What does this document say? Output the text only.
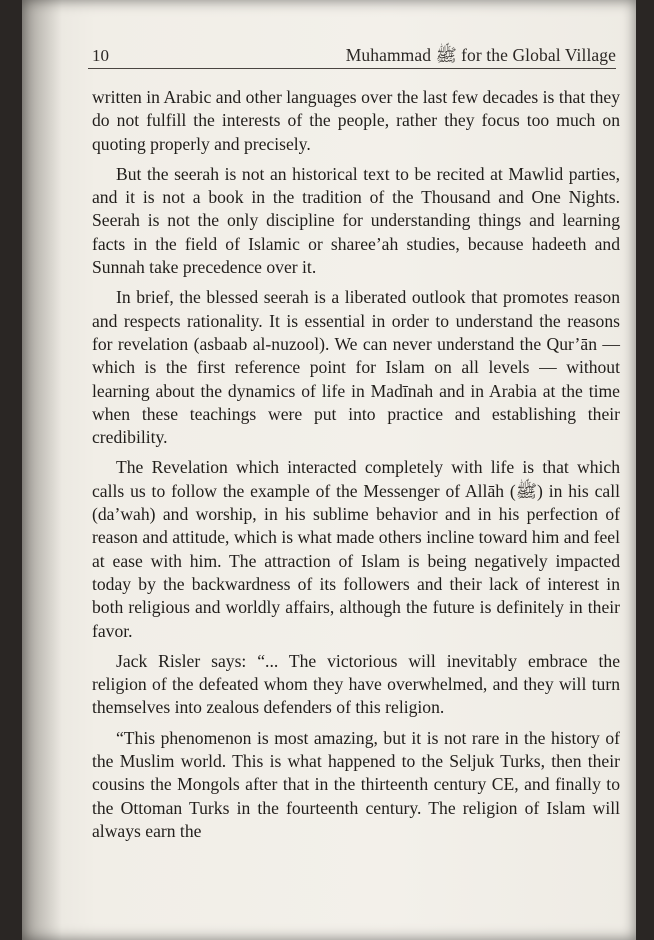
10	Muhammad ﷺ for the Global Village

written in Arabic and other languages over the last few decades is that they do not fulfill the interests of the people, rather they focus too much on quoting properly and precisely.

But the seerah is not an historical text to be recited at Mawlid parties, and it is not a book in the tradition of the Thousand and One Nights. Seerah is not the only discipline for understanding things and learning facts in the field of Islamic or sharee’ah studies, because hadeeth and Sunnah take precedence over it.

In brief, the blessed seerah is a liberated outlook that promotes reason and respects rationality. It is essential in order to understand the reasons for revelation (asbaab al-nuzool). We can never understand the Qur’ān — which is the first reference point for Islam on all levels — without learning about the dynamics of life in Madīnah and in Arabia at the time when these teachings were put into practice and establishing their credibility.

The Revelation which interacted completely with life is that which calls us to follow the example of the Messenger of Allāh (ﷺ) in his call (da’wah) and worship, in his sublime behavior and in his perfection of reason and attitude, which is what made others incline toward him and feel at ease with him. The attraction of Islam is being negatively impacted today by the backwardness of its followers and their lack of interest in both religious and worldly affairs, although the future is definitely in their favor.

Jack Risler says: “... The victorious will inevitably embrace the religion of the defeated whom they have overwhelmed, and they will turn themselves into zealous defenders of this religion.

“This phenomenon is most amazing, but it is not rare in the history of the Muslim world. This is what happened to the Seljuk Turks, then their cousins the Mongols after that in the thirteenth century CE, and finally to the Ottoman Turks in the fourteenth century. The religion of Islam will always earn the
